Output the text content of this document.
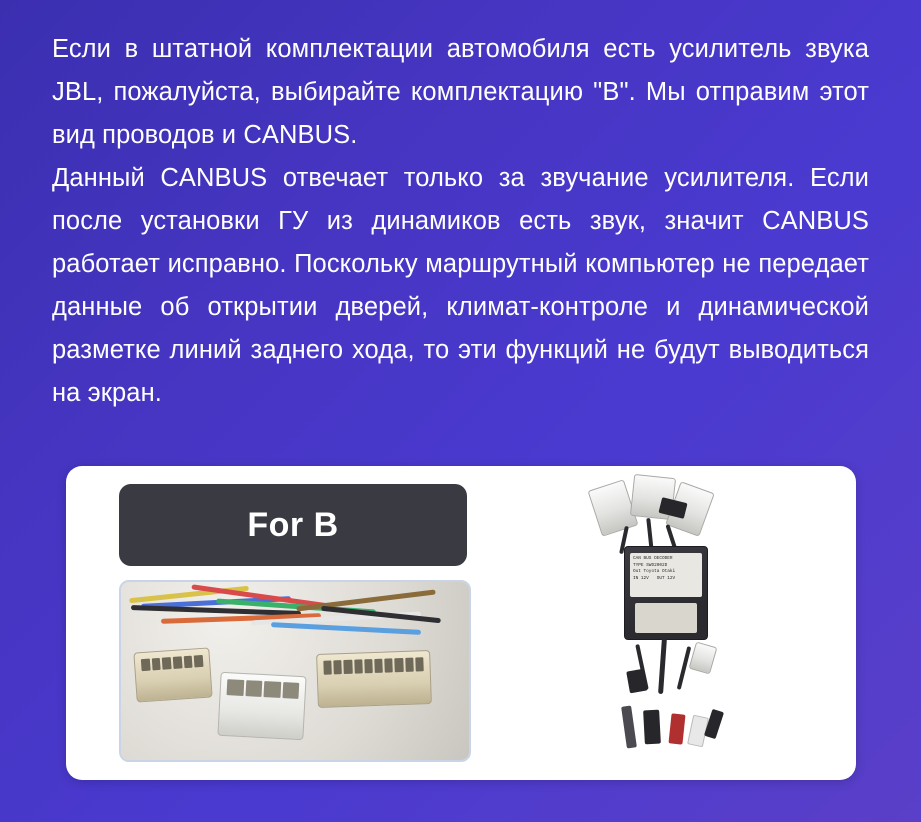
Если в штатной комплектации автомобиля есть усилитель звука JBL, пожалуйста, выбирайте комплектацию "B". Мы отправим этот вид проводов и CANBUS.

Данный CANBUS отвечает только за звучание усилителя. Если после установки ГУ из динамиков есть звук, значит CANBUS работает исправно. Поскольку маршрутный компьютер не передает данные об открытии дверей, климат-контроле и динамической разметке линий заднего хода, то эти функций не будут выводиться на экран.

For B
CAN BUS DECODER
TYPE SWD2002D
Out Toyota Otaki
IN 12V   OUT 12V
